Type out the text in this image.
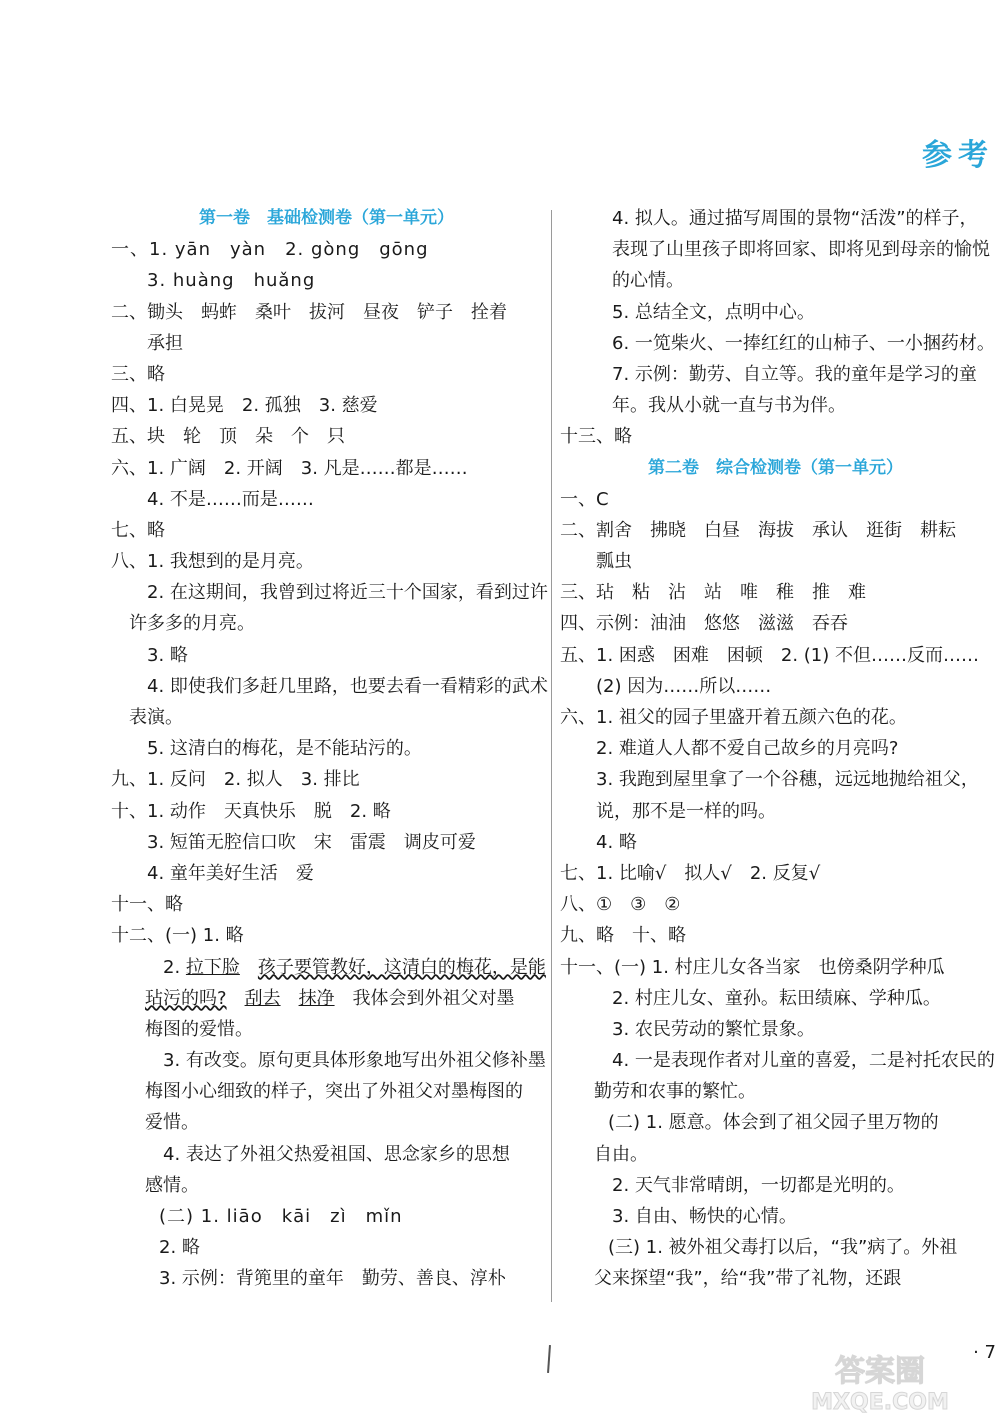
参考
第一卷　基础检测卷（第一单元）
一、1. yān　yàn　2. gòng　gōng
3. huàng　huǎng
二、锄头　蚂蚱　桑叶　拔河　昼夜　铲子　拴着
承担
三、略
四、1. 白晃晃　2. 孤独　3. 慈爱
五、块　轮　顶　朵　个　只
六、1. 广阔　2. 开阔　3. 凡是……都是……
4. 不是……而是……
七、略
八、1. 我想到的是月亮。
2. 在这期间，我曾到过将近三十个国家，看到过许
许多多的月亮。
3. 略
4. 即使我们多赶几里路，也要去看一看精彩的武术
表演。
5. 这清白的梅花，是不能玷污的。
九、1. 反问　2. 拟人　3. 排比
十、1. 动作　天真快乐　脱　2. 略
3. 短笛无腔信口吹　宋　雷震　调皮可爱
4. 童年美好生活　爱
十一、略
十二、(一) 1. 略
2. 拉下脸　 孩子要管教好，这清白的梅花，是能
玷污的吗?　 刮去　 抹净　我体会到外祖父对墨
梅图的爱惜。
3. 有改变。原句更具体形象地写出外祖父修补墨
梅图小心细致的样子，突出了外祖父对墨梅图的
爱惜。
4. 表达了外祖父热爱祖国、思念家乡的思想
感情。
(二) 1. liāo　kāi　zì　mǐn
2. 略
3. 示例：背篼里的童年　勤劳、善良、淳朴
4. 拟人。通过描写周围的景物“活泼”的样子，
表现了山里孩子即将回家、即将见到母亲的愉悦
的心情。
5. 总结全文，点明中心。
6. 一笕柴火、一捧红红的山柿子、一小捆药材。
7. 示例：勤劳、自立等。我的童年是学习的童
年。我从小就一直与书为伴。
十三、略
第二卷　综合检测卷（第一单元）
一、C
二、割舍　拂晓　白昼　海拔　承认　逛街　耕耘
瓢虫
三、玷　粘　沾　站　唯　稚　推　难
四、示例：油油　悠悠　滋滋　吞吞
五、1. 困惑　困难　困顿　2. (1) 不但……反而……
(2) 因为……所以……
六、1. 祖父的园子里盛开着五颜六色的花。
2. 难道人人都不爱自己故乡的月亮吗?
3. 我跑到屋里拿了一个谷穗，远远地抛给祖父，
说，那不是一样的吗。
4. 略
七、1. 比喻√　拟人√　2. 反复√
八、①　③　②
九、略　十、略
十一、(一) 1. 村庄儿女各当家　也傍桑阴学种瓜
2. 村庄儿女、童孙。耘田绩麻、学种瓜。
3. 农民劳动的繁忙景象。
4. 一是表现作者对儿童的喜爱，二是衬托农民的
勤劳和农事的繁忙。
(二) 1. 愿意。体会到了祖父园子里万物的
自由。
2. 天气非常晴朗，一切都是光明的。
3. 自由、畅快的心情。
(三) 1. 被外祖父毒打以后，“我”病了。外祖
父来探望“我”，给“我”带了礼物，还跟
· 7
答案圈
MXQE.COM
